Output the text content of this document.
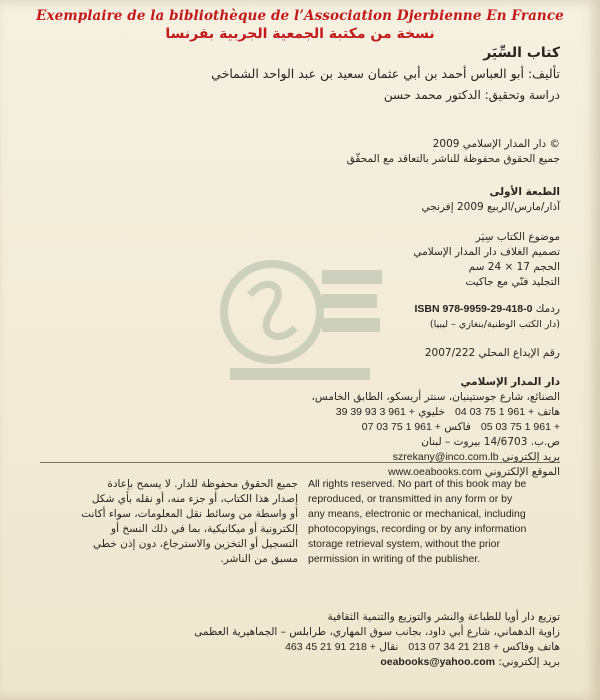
Exemplaire de la bibliothèque de l’Association Djerbienne En France
نسخة من مكتبة الجمعية الجربية بفرنسا
كتاب السِّيَر
تأليف: أبو العباس أحمد بن أبي عثمان سعيد بن عبد الواحد الشماخي
دراسة وتحقيق: الدكتور محمد حسن
© دار المدار الإسلامي 2009
جميع الحقوق محفوظة للناشر بالتعاقد مع المحقّق
الطبعة الأولى
آذار/مارس/الربيع 2009 إفرنجي
موضوع الكتاب سِيَر
تصميم الغلاف دار المدار الإسلامي
الحجم 17 × 24 سم
التجليد فنّي مع جاكيت
ردمك ISBN 978-9959-29-418-0
(دار الكتب الوطنية/بنغازي – ليبيا)
رقم الإيداع المحلي 2007/222
دار المدار الإسلامي
الصنائع، شارع جوستينيان، سنتر أريسكو، الطابق الخامس،
هاتف 04 03 75 1 961 +   خليوي 39 39 93 3 961 +
05 03 75 1 961 +   فاكس 07 03 75 1 961 +
ص.ب. 14/6703 بيروت – لبنان
بريد إلكتروني szrekany@inco.com.lb
الموقع الإلكتروني www.oeabooks.com
All rights reserved. No part of this book may be
reproduced, or transmitted in any form or by
any means, electronic or mechanical, including
photocopyings, recording or by any information
storage retrieval system, without the prior
permission in writing of the publisher.
جميع الحقوق محفوظة للدار. لا يسمح بإعادة
إصدار هذا الكتاب، أو جزء منه، أو نقله بأي شكل
أو واسطة من وسائط نقل المعلومات، سواء أكانت
إلكترونية أو ميكانيكية، بما في ذلك النسخ أو
التسجيل أو التخزين والاسترجاع، دون إذن خطي
مسبق من الناشر.
توزيع دار أويا للطباعة والنشر والتوزيع والتنمية الثقافية
زاوية الدهماني، شارع أبي داود، بجانب سوق المهاري، طرابلس – الجماهيرية العظمى
هاتف وفاكس 013 07 34 21 218 +   نقال 463 45 21 91 218 +
بريد إلكتروني: oeabooks@yahoo.com
